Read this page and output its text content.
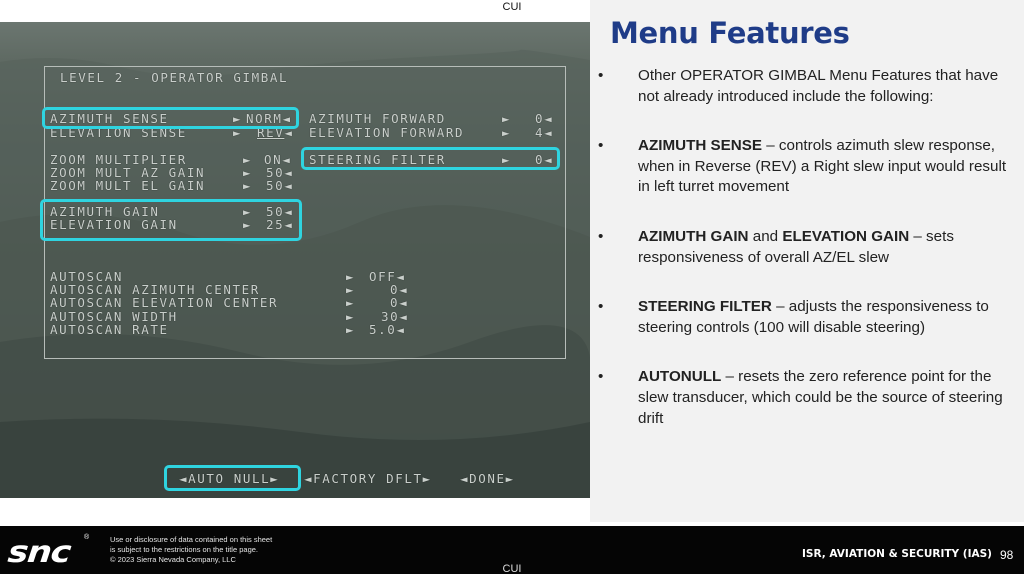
CUI
LEVEL 2 - OPERATOR GIMBAL
AZIMUTH SENSE	► NORM◄ AZIMUTH FORWARD	► 0◄
ELEVATION SENSE	► REV◄ ELEVATION FORWARD	► 4◄
ZOOM MULTIPLIER	► ON◄ STEERING FILTER	► 0◄
ZOOM MULT AZ GAIN	► 50◄
ZOOM MULT EL GAIN	► 50◄
AZIMUTH GAIN	► 50◄
ELEVATION GAIN	► 25◄
AUTOSCAN	► OFF◄
AUTOSCAN AZIMUTH CENTER	►	0◄
AUTOSCAN ELEVATION CENTER	►	0◄
AUTOSCAN WIDTH	► 30◄
AUTOSCAN RATE	► 5.0◄
◄AUTO NULL► ◄FACTORY DFLT► ◄DONE►
Menu Features
• Other OPERATOR GIMBAL Menu Features that have not already introduced include the following:
• AZIMUTH SENSE – controls azimuth slew response, when in Reverse (REV) a Right slew input would result in left turret movement
• AZIMUTH GAIN and ELEVATION GAIN – sets responsiveness of overall AZ/EL slew
• STEERING FILTER – adjusts the responsiveness to steering controls (100 will disable steering)
• AUTONULL – resets the zero reference point for the slew transducer, which could be the source of steering drift
snc ®	Use or disclosure of data contained on this sheet
is subject to the restrictions on the title page.
© 2023 Sierra Nevada Company, LLC	ISR, AVIATION & SECURITY (IAS) 98
CUI
